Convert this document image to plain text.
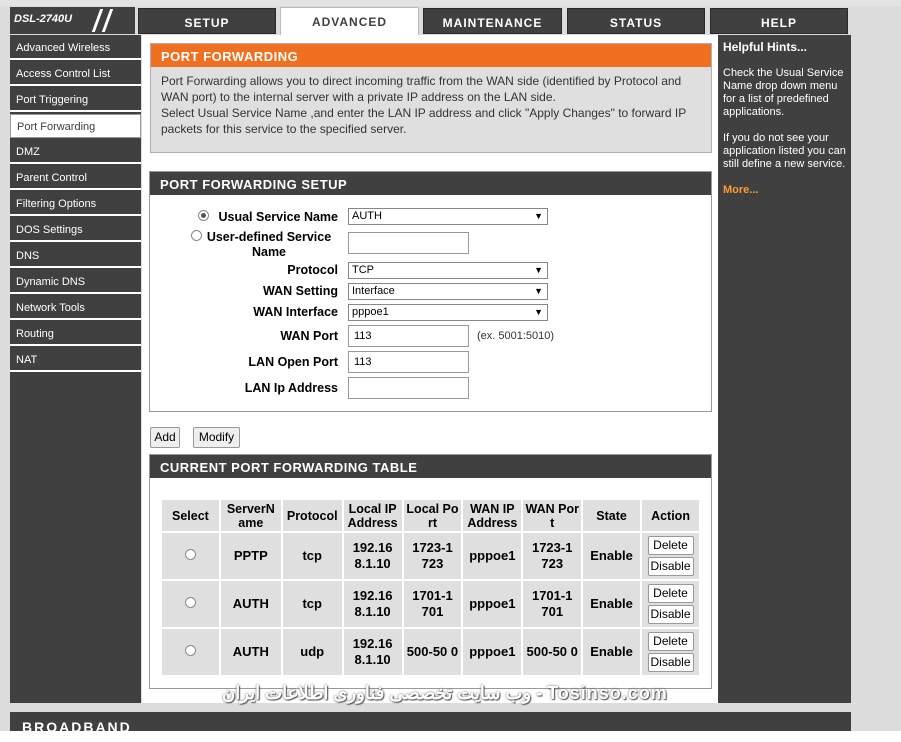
DSL-2740U	SETUP	ADVANCED	MAINTENANCE	STATUS	HELP
Advanced Wireless
Access Control List
Port Triggering
Port Forwarding
DMZ
Parent Control
Filtering Options
DOS Settings
DNS
Dynamic DNS
Network Tools
Routing
NAT
PORT FORWARDING
Port Forwarding allows you to direct incoming traffic from the WAN side (identified by Protocol and WAN port) to the internal server with a private IP address on the LAN side.
Select Usual Service Name ,and enter the LAN IP address and click "Apply Changes" to forward IP packets for this service to the specified server.
PORT FORWARDING SETUP
Usual Service Name	AUTH	▼
User-defined Service
Name
Protocol	TCP	▼
WAN Setting	Interface	▼
WAN Interface	pppoe1	▼
WAN Port	113	(ex. 5001:5010)
LAN Open Port	113
LAN Ip Address
Add	Modify
CURRENT PORT FORWARDING TABLE
Select	ServerN ame	Protocol	Local IP Address	Local Po rt	WAN IP Address	WAN Por t	State	Action
	PPTP	tcp	192.16 8.1.10	1723-1 723	pppoe1	1723-1 723	Enable	Delete
Disable

	AUTH	tcp	192.16 8.1.10	1701-1 701	pppoe1	1701-1 701	Enable	Delete
Disable

	AUTH	udp	192.16 8.1.10	500-50 0	pppoe1	500-50 0	Enable	Delete
Disable
Helpful Hints...

Check the Usual Service Name drop down menu for a list of predefined applications.

If you do not see your application listed you can still define a new service.

More...

وب سایت تخصصی فناوری اطلاعات ایران - Tosinso.com
BROADBAND
